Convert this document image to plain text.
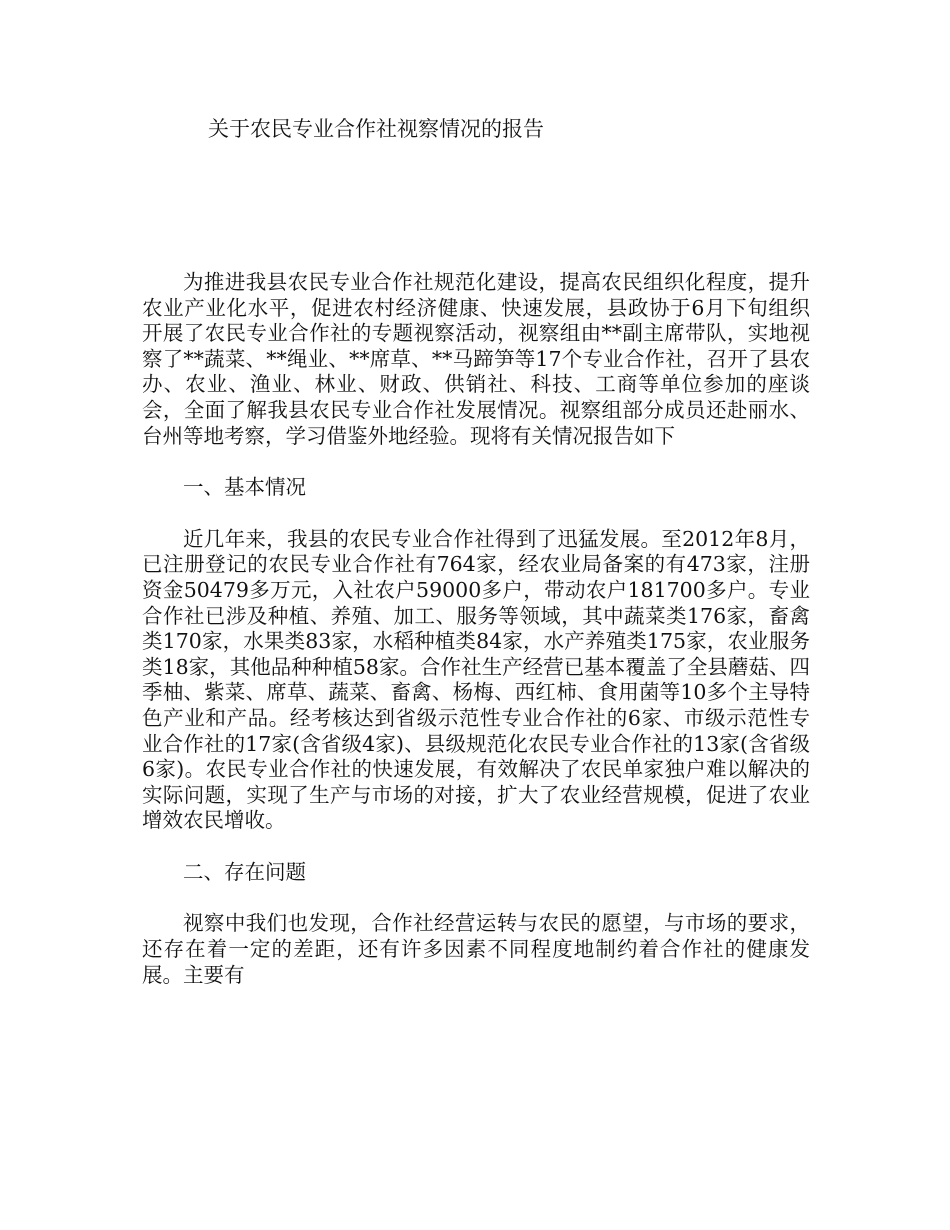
关于农民专业合作社视察情况的报告

为推进我县农民专业合作社规范化建设，提高农民组织化程度，提升农业产业化水平，促进农村经济健康、快速发展，县政协于6月下旬组织开展了农民专业合作社的专题视察活动，视察组由**副主席带队，实地视察了**蔬菜、**绳业、**席草、**马蹄笋等17个专业合作社，召开了县农办、农业、渔业、林业、财政、供销社、科技、工商等单位参加的座谈会，全面了解我县农民专业合作社发展情况。视察组部分成员还赴丽水、台州等地考察，学习借鉴外地经验。现将有关情况报告如下

一、基本情况

近几年来，我县的农民专业合作社得到了迅猛发展。至2012年8月，已注册登记的农民专业合作社有764家，经农业局备案的有473家，注册资金50479多万元，入社农户59000多户，带动农户181700多户。专业合作社已涉及种植、养殖、加工、服务等领域，其中蔬菜类176家，畜禽类170家，水果类83家，水稻种植类84家，水产养殖类175家，农业服务类18家，其他品种种植58家。合作社生产经营已基本覆盖了全县蘑菇、四季柚、紫菜、席草、蔬菜、畜禽、杨梅、西红柿、食用菌等10多个主导特色产业和产品。经考核达到省级示范性专业合作社的6家、市级示范性专业合作社的17家(含省级4家)、县级规范化农民专业合作社的13家(含省级6家)。农民专业合作社的快速发展，有效解决了农民单家独户难以解决的实际问题，实现了生产与市场的对接，扩大了农业经营规模，促进了农业增效农民增收。

二、存在问题

视察中我们也发现，合作社经营运转与农民的愿望，与市场的要求，还存在着一定的差距，还有许多因素不同程度地制约着合作社的健康发展。主要有
